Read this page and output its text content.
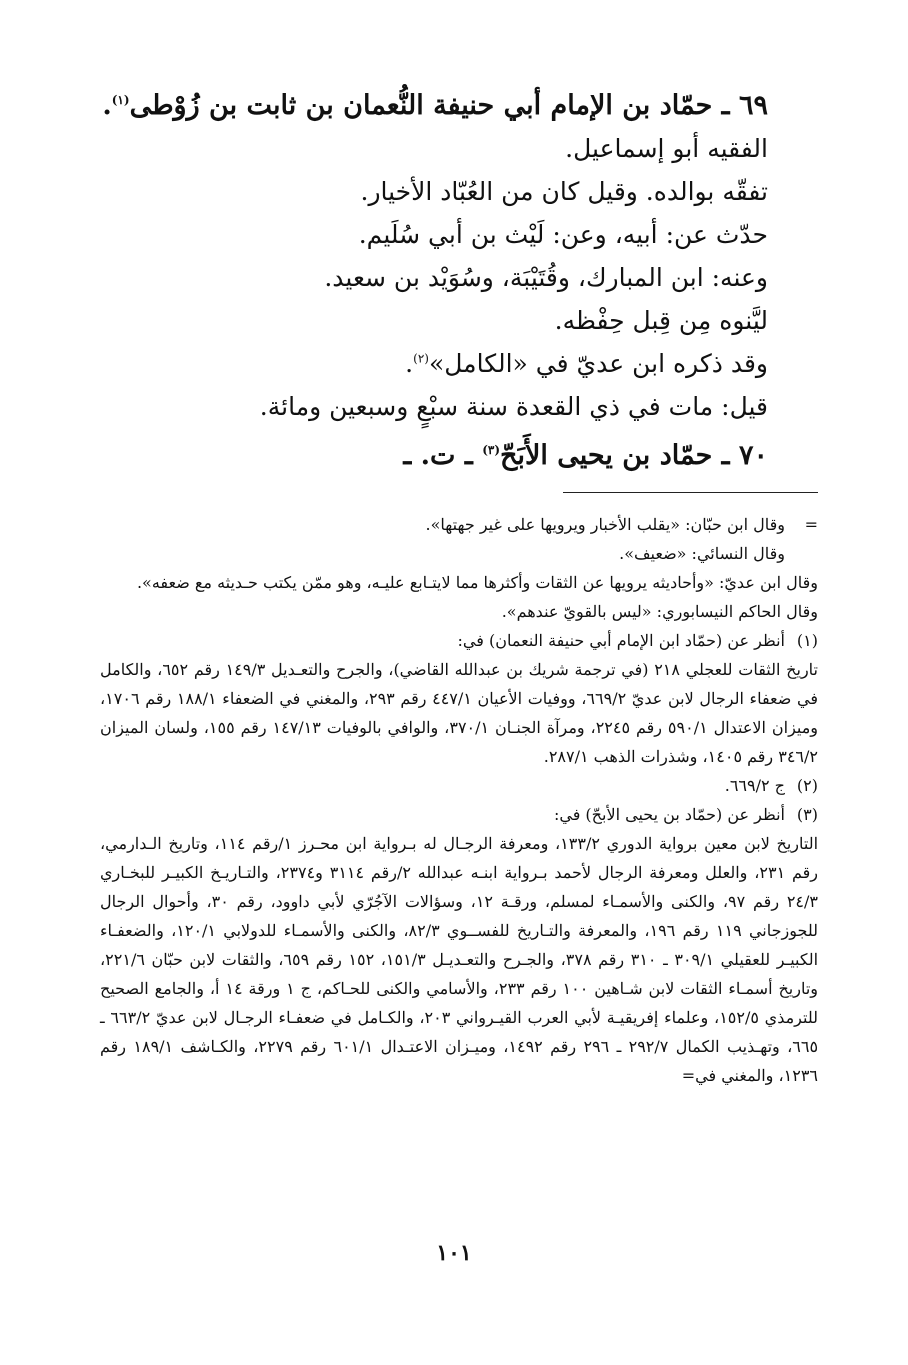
٦٩ ـ حمّاد بن الإمام أبي حنيفة النُّعمان بن ثابت بن زُوْطى$^{(١)}$.
الفقيه أبو إسماعيل.
تفقّه بوالده. وقيل كان من العُبّاد الأخيار.
حدّث عن: أبيه، وعن: لَيْث بن أبي سُلَيم.
وعنه: ابن المبارك، وقُتَيْبَة، وسُوَيْد بن سعيد.
ليَّنوه مِن قِبل حِفْظه.
وقد ذكره ابن عديّ في «الكامل»$^{(٢)}$.
قيل: مات في ذي القعدة سنة سبْعٍ وسبعين ومائة.
٧٠ ـ حمّاد بن يحيى الأَبَحّ$^{(٣)}$ ـ ت. ـ
=
وقال ابن حبّان: «يقلب الأخبار ويرويها على غير جهتها».
وقال النسائي: «ضعيف».
وقال ابن عديّ: «وأحاديثه يرويها عن الثقات وأكثرها مما لايتـابع عليـه، وهو ممّن يكتب حـديثه مع ضعفه».
وقال الحاكم النيسابوري: «ليس بالقويّ عندهم».
(١)
أنظر عن (حمّاد ابن الإمام أبي حنيفة النعمان) في:
تاريخ الثقات للعجلي ٢١٨ (في ترجمة شريك بن عبدالله القاضي)، والجرح والتعـديل ١٤٩/٣ رقم ٦٥٢، والكامل في ضعفاء الرجال لابن عديّ ٦٦٩/٢، ووفيات الأعيان ٤٤٧/١ رقم ٢٩٣، والمغني في الضعفاء ١٨٨/١ رقم ١٧٠٦، وميزان الاعتدال ٥٩٠/١ رقم ٢٢٤٥، ومرآة الجنـان ٣٧٠/١، والوافي بالوفيات ١٤٧/١٣ رقم ١٥٥، ولسان الميزان ٣٤٦/٢ رقم ١٤٠٥، وشذرات الذهب ٢٨٧/١.
(٢)
ج ٦٦٩/٢.
(٣)
أنظر عن (حمّاد بن يحيى الأبحّ) في:
التاريخ لابن معين برواية الدوري ١٣٣/٢، ومعرفة الرجـال له بـرواية ابن محـرز ١/رقم ١١٤، وتاريخ الـدارمي، رقم ٢٣١، والعلل ومعرفة الرجال لأحمد بـرواية ابنـه عبدالله ٢/رقم ٣١١٤ و٢٣٧٤، والتـاريـخ الكبيـر للبخـاري ٢٤/٣ رقم ٩٧، والكنى والأسمـاء لمسلم، ورقـة ١٢، وسؤالات الآجُرّي لأبي داوود، رقم ٣٠، وأحوال الرجال للجوزجاني ١١٩ رقم ١٩٦، والمعرفة والتـاريخ للفســوي ٨٢/٣، والكنى والأسمـاء للدولابي ١٢٠/١، والضعفـاء الكبيـر للعقيلي ٣٠٩/١ ـ ٣١٠ رقم ٣٧٨، والجـرح والتعـديـل ١٥١/٣، ١٥٢ رقم ٦٥٩، والثقات لابن حبّان ٢٢١/٦، وتاريخ أسمـاء الثقات لابن شـاهين ١٠٠ رقم ٢٣٣، والأسامي والكنى للحـاكم، ج ١ ورقة ١٤ أ، والجامع الصحيح للترمذي ١٥٢/٥، وعلماء إفريقيـة لأبي العرب القيـرواني ٢٠٣، والكـامل في ضعفـاء الرجـال لابن عديّ ٦٦٣/٢ ـ ٦٦٥، وتهـذيب الكمال ٢٩٢/٧ ـ ٢٩٦ رقم ١٤٩٢، وميـزان الاعتـدال ٦٠١/١ رقم ٢٢٧٩، والكـاشف ١٨٩/١ رقم ١٢٣٦، والمغني في=
١٠١
